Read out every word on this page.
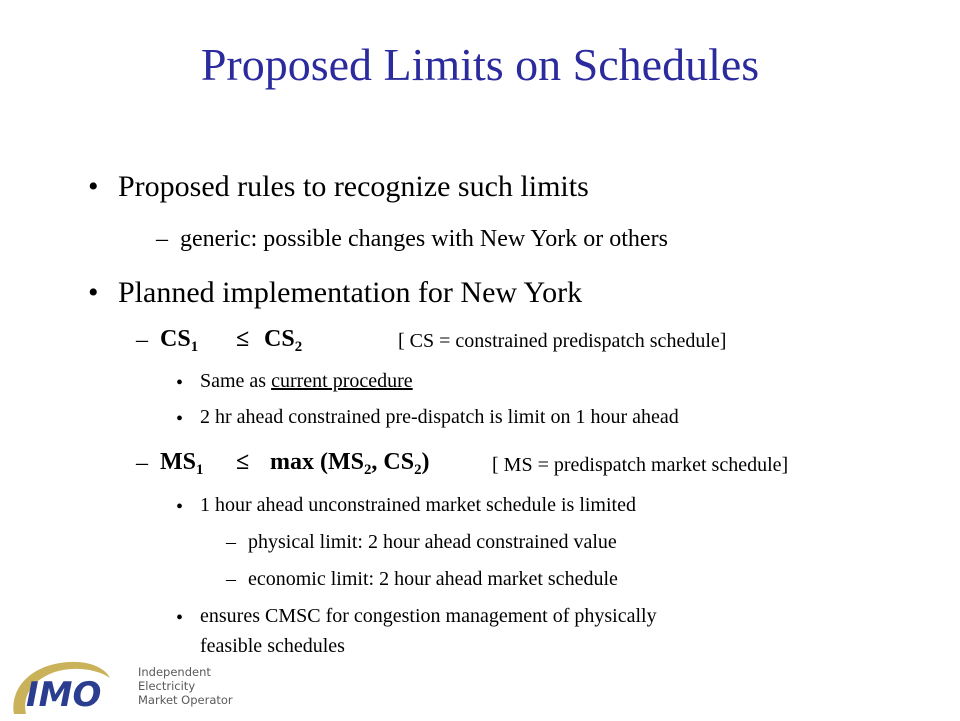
Proposed Limits on Schedules
• Proposed rules to recognize such limits
– generic: possible changes with New York or others
• Planned implementation for New York
– $CS_1 \le CS_2$	[ CS = constrained predispatch schedule]
• Same as current procedure
• 2 hr ahead constrained pre-dispatch is limit on 1 hour ahead
– $MS_1 \le \max (MS_2$, $CS_2$)	[ MS = predispatch market schedule]
• 1 hour ahead unconstrained market schedule is limited
– physical limit: 2 hour ahead constrained value
– economic limit: 2 hour ahead market schedule
• ensures CMSC for congestion management of physically
feasible schedules
IMO
Independent
Electricity
Market Operator
